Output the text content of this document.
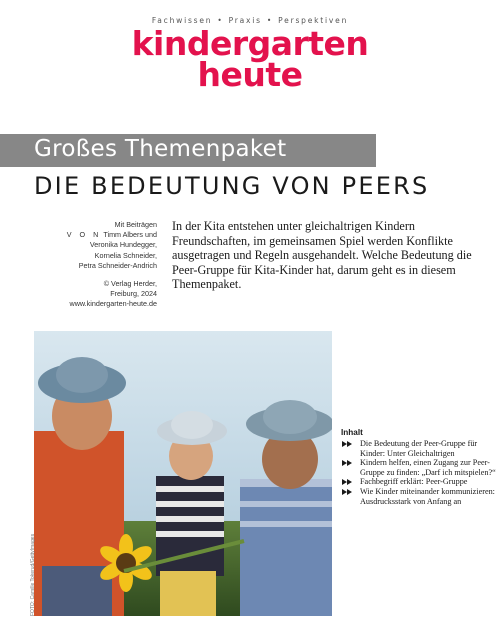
Fachwissen • Praxis • Perspektiven
kindergarten
heute
Großes Themenpaket
DIE BEDEUTUNG VON PEERS
Mit Beiträgen
V O N Timm Albers und
Veronika Hundegger,
Kornelia Schneider,
Petra Schneider-Andrich
© Verlag Herder,
Freiburg, 2024
www.kindergarten-heute.de

In der Kita entstehen unter gleichaltrigen Kindern Freundschaften, im gemeinsamen Spiel werden Konflikte ausgetragen und Regeln ausgehandelt. Welche Bedeutung die Peer-Gruppe für Kita-Kinder hat, darum geht es in diesem Themenpaket.

FOTO: Camille Tokerud/GettyImages
Inhalt
Die Bedeutung der Peer-Gruppe für Kinder: Unter Gleichaltrigen
Kindern helfen, einen Zugang zur Peer-Gruppe zu finden: „Darf ich mitspielen?“
Fachbegriff erklärt: Peer-Gruppe
Wie Kinder miteinander kommunizieren: Ausdrucksstark von Anfang an
